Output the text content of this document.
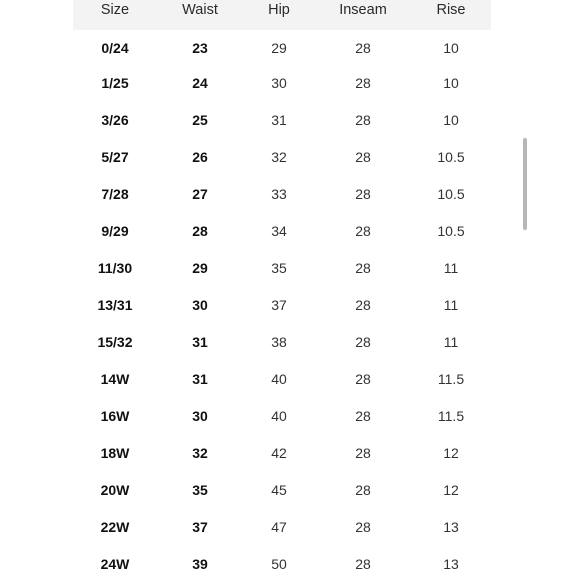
Size	Waist	Hip	Inseam	Rise
0/24	23	29	28	10
1/25	24	30	28	10
3/26	25	31	28	10
5/27	26	32	28	10.5
7/28	27	33	28	10.5
9/29	28	34	28	10.5
11/30	29	35	28	11
13/31	30	37	28	11
15/32	31	38	28	11
14W	31	40	28	11.5
16W	30	40	28	11.5
18W	32	42	28	12
20W	35	45	28	12
22W	37	47	28	13
24W	39	50	28	13
